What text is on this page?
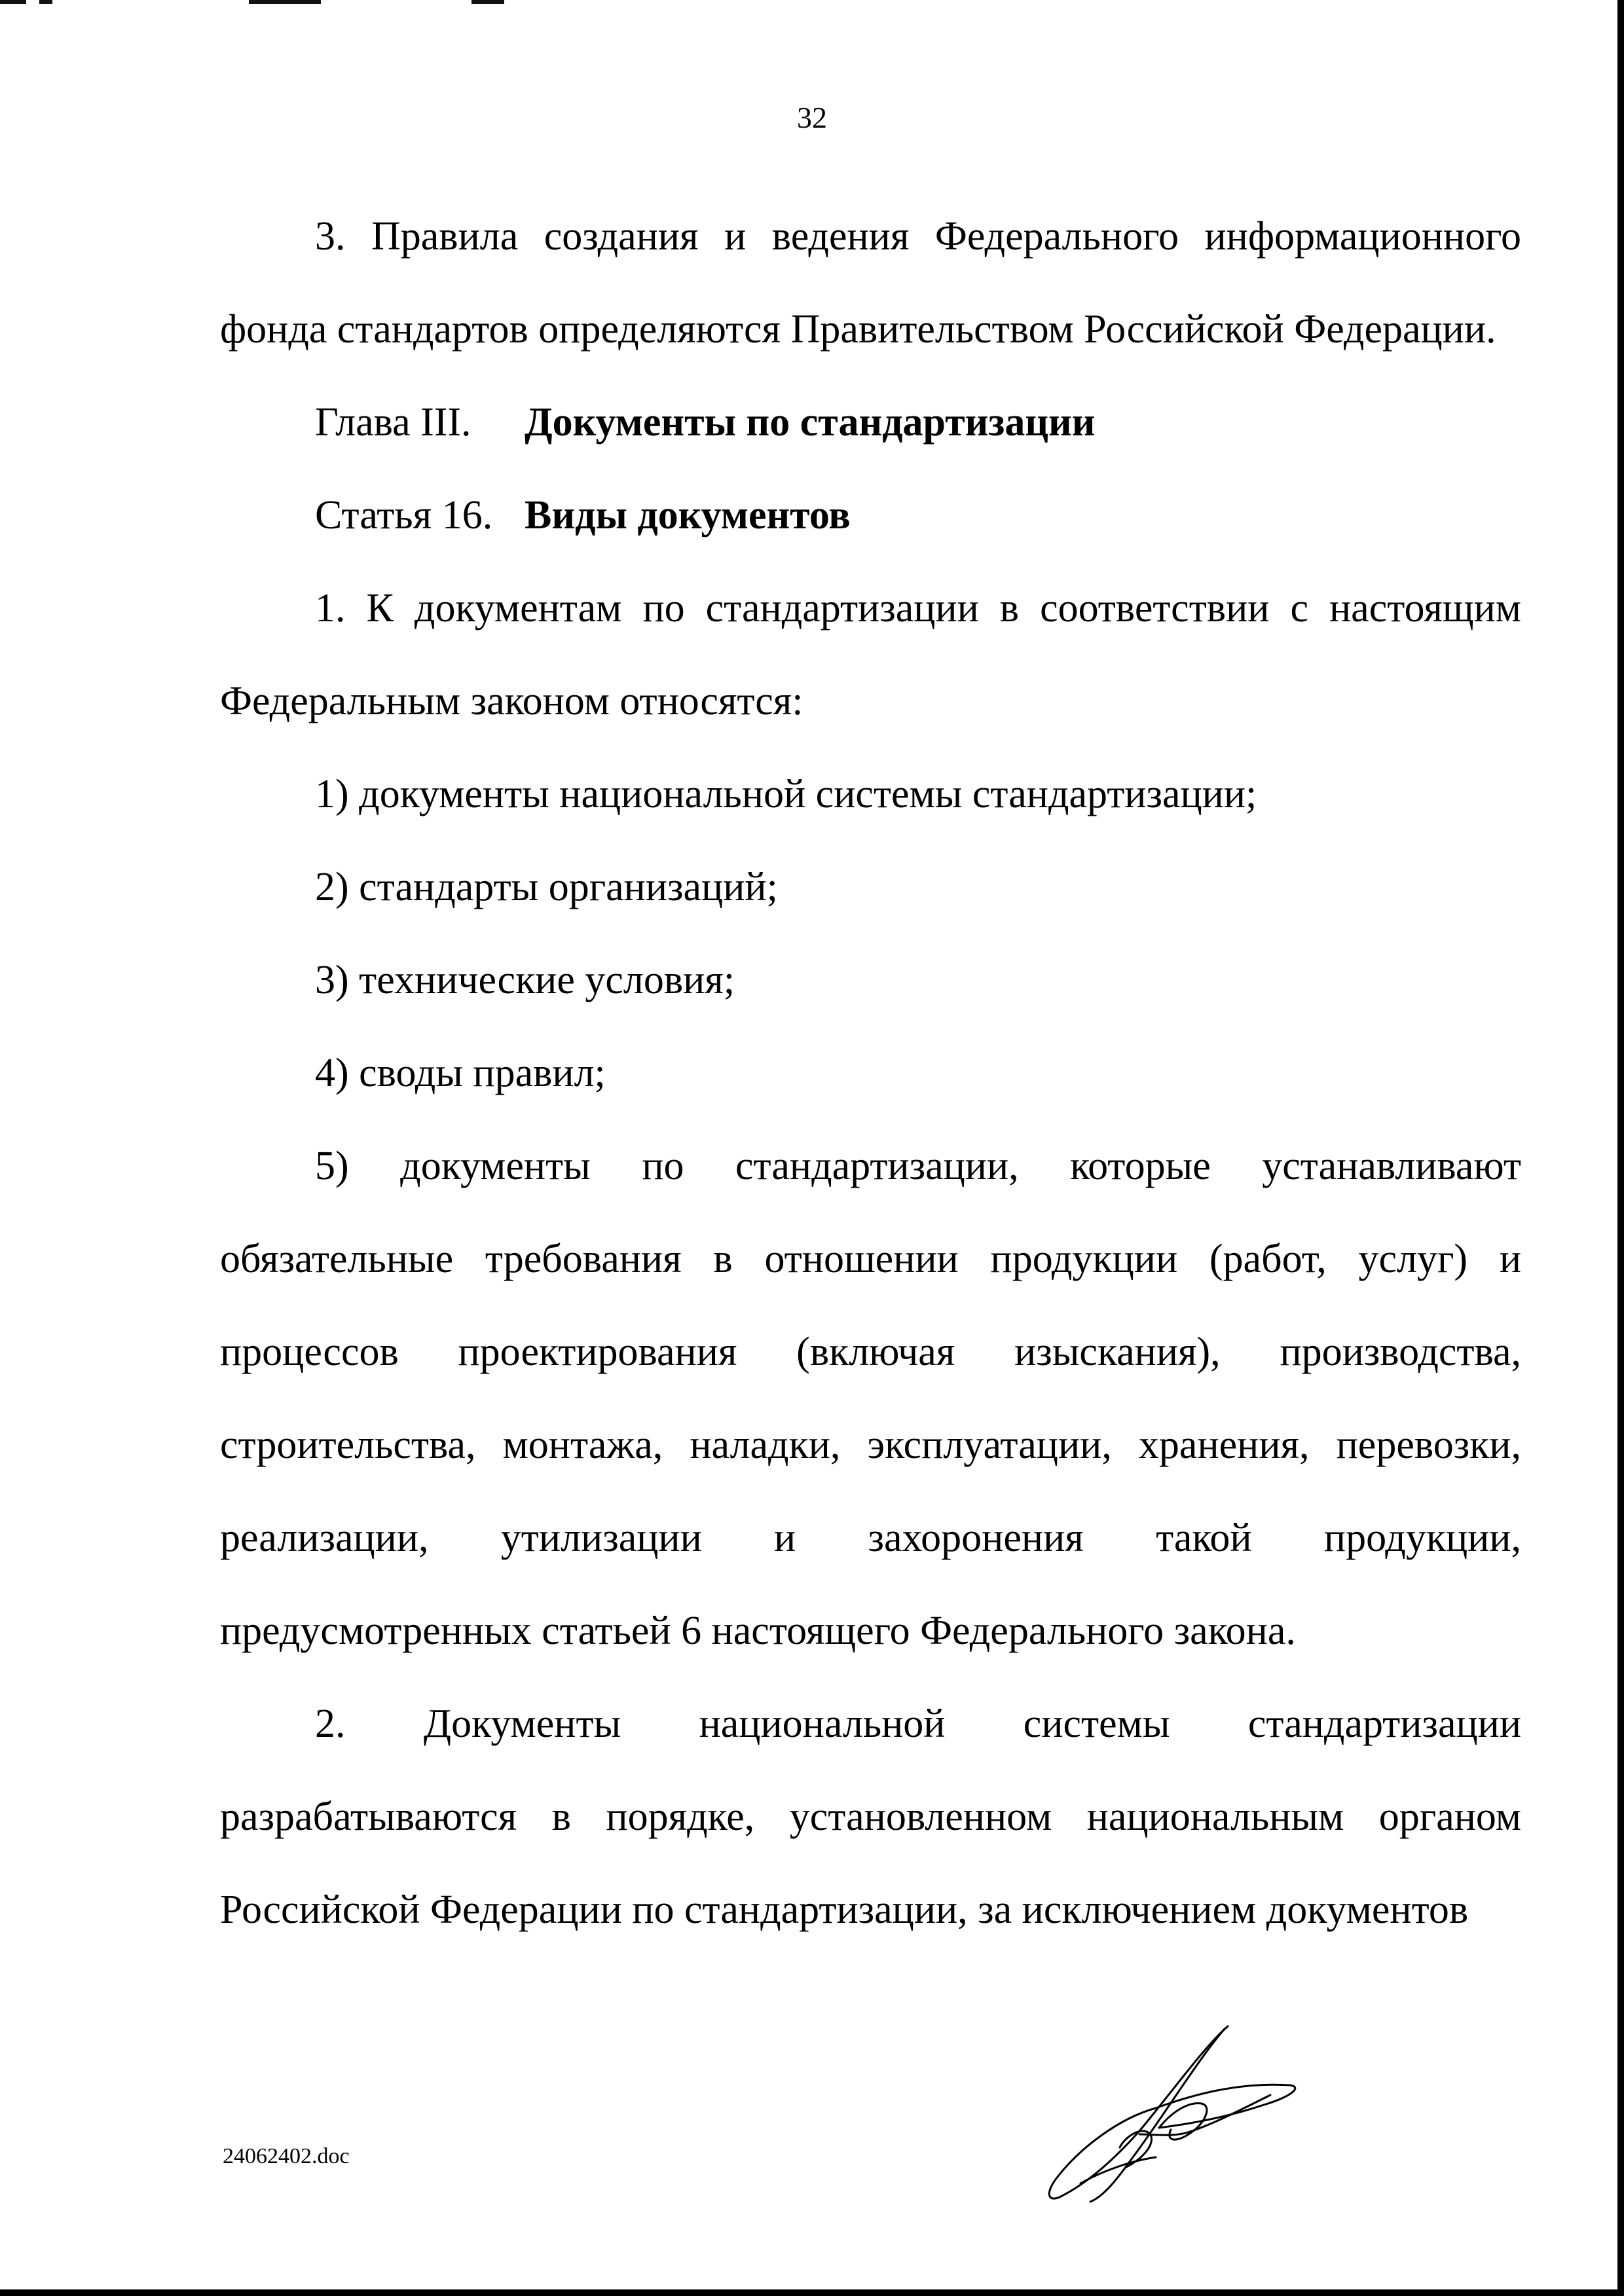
32

3. Правила создания и ведения Федерального информационного фонда стандартов определяются Правительством Российской Федерации.

Глава III. Документы по стандартизации

Статья 16. Виды документов

1. К документам по стандартизации в соответствии с настоящим Федеральным законом относятся:

1) документы национальной системы стандартизации;

2) стандарты организаций;

3) технические условия;

4) своды правил;

5) документы по стандартизации, которые устанавливают обязательные требования в отношении продукции (работ, услуг) и процессов проектирования (включая изыскания), производства, строительства, монтажа, наладки, эксплуатации, хранения, перевозки, реализации, утилизации и захоронения такой продукции, предусмотренных статьей 6 настоящего Федерального закона.

2. Документы национальной системы стандартизации разрабатываются в порядке, установленном национальным органом Российской Федерации по стандартизации, за исключением документов

24062402.doc
